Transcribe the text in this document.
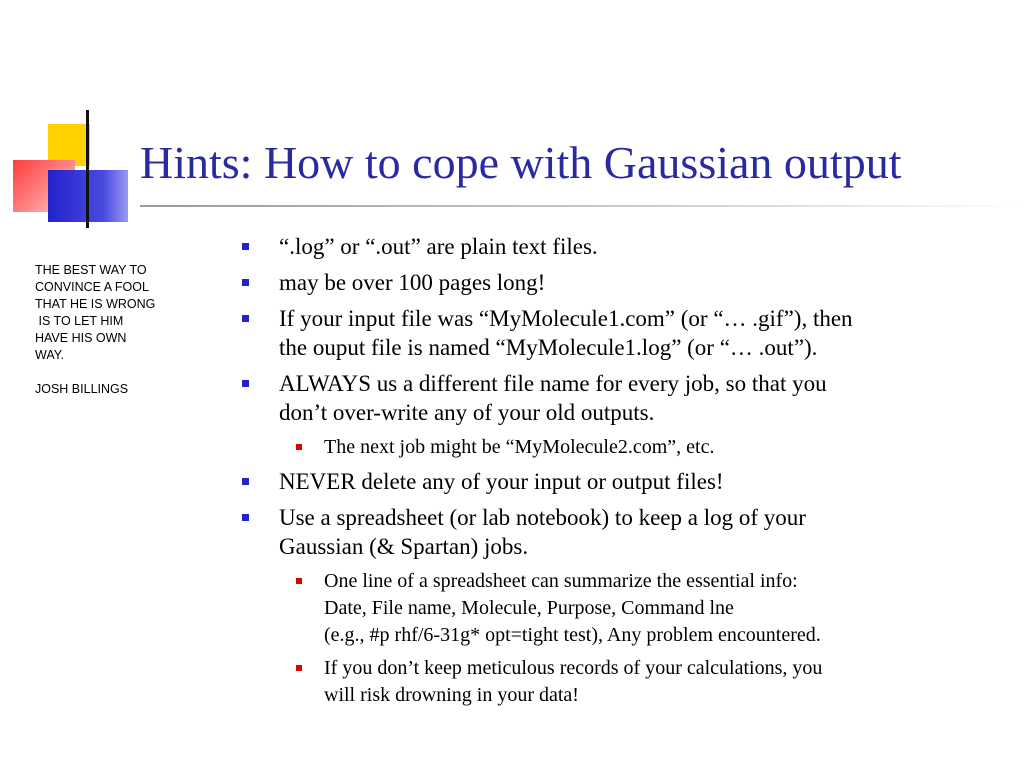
Hints: How to cope with Gaussian output
THE BEST WAY TO
CONVINCE A FOOL
THAT HE IS WRONG
IS TO LET HIM
HAVE HIS OWN
WAY.
JOSH BILLINGS
“.log” or “.out” are plain text files.
may be over 100 pages long!
If your input file was “MyMolecule1.com” (or “… .gif”), then
the ouput file is named “MyMolecule1.log” (or “… .out”).
ALWAYS us a different file name for every job, so that you
don’t over-write any of your old outputs.
The next job might be “MyMolecule2.com”, etc.
NEVER delete any of your input or output files!
Use a spreadsheet (or lab notebook) to keep a log of your
Gaussian (& Spartan) jobs.
One line of a spreadsheet can summarize the essential info:
Date, File name, Molecule, Purpose, Command lne
(e.g., #p rhf/6-31g* opt=tight test), Any problem encountered.
If you don’t keep meticulous records of your calculations, you
will risk drowning in your data!
